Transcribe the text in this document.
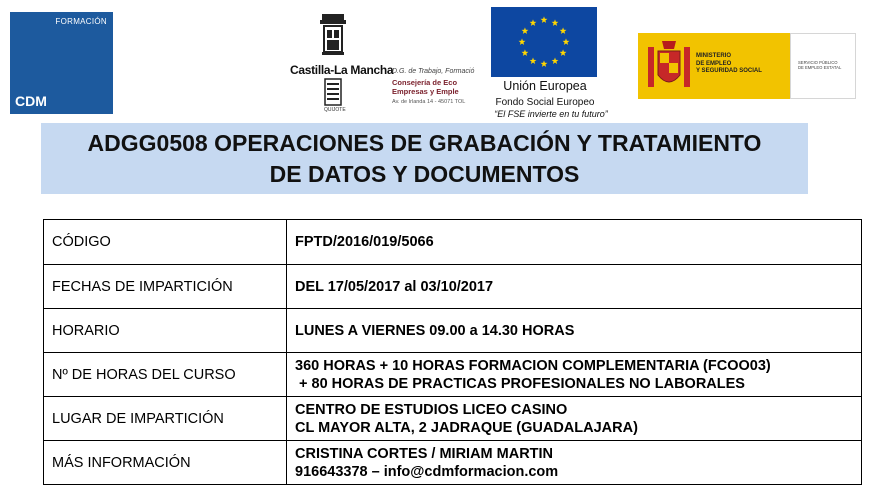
FORMACIÓN
CDM
Castilla-La Mancha
QUIJOTE
D.G. de Trabajo, Formació
Consejería de Eco
Empresas y Emple
Av. de Irlanda 14 - 45071 TOL
Unión Europea
Fondo Social Europeo
“El FSE invierte en tu futuro”
MINISTERIO
DE EMPLEO
Y SEGURIDAD SOCIAL
SERVICIO PÚBLICO
DE EMPLEO ESTATAL
ADGG0508 OPERACIONES DE GRABACIÓN Y TRATAMIENTO
DE DATOS Y DOCUMENTOS
CÓDIGO	FPTD/2016/019/5066

FECHAS DE IMPARTICIÓN	DEL 17/05/2017 al 03/10/2017

HORARIO	LUNES A VIERNES 09.00 a 14.30 HORAS

Nº DE HORAS DEL CURSO	360 HORAS + 10 HORAS FORMACION COMPLEMENTARIA (FCOO03)
+ 80 HORAS DE PRACTICAS PROFESIONALES NO LABORALES

LUGAR DE IMPARTICIÓN	CENTRO DE ESTUDIOS LICEO CASINO
CL MAYOR ALTA, 2 JADRAQUE (GUADALAJARA)

MÁS INFORMACIÓN	CRISTINA CORTES / MIRIAM MARTIN
916643378 – info@cdmformacion.com
